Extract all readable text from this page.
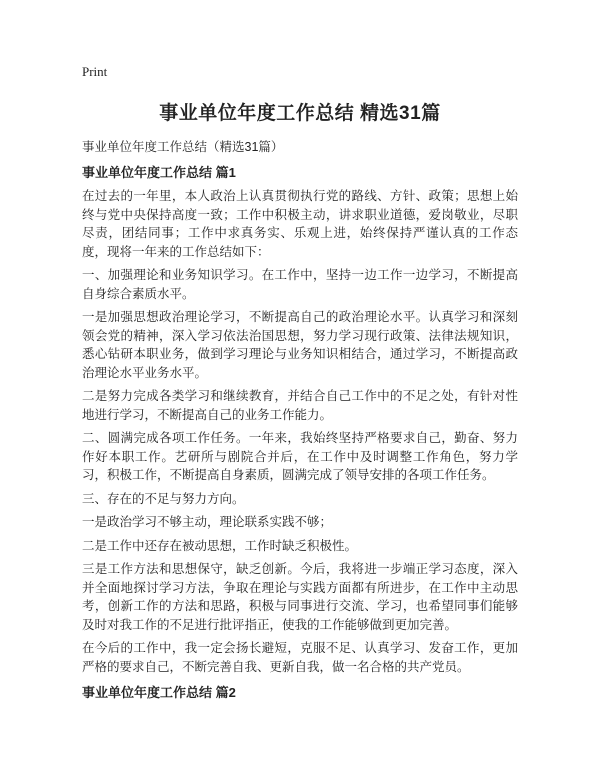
Print
事业单位年度工作总结 精选31篇

事业单位年度工作总结（精选31篇）

事业单位年度工作总结 篇1

在过去的一年里，本人政治上认真贯彻执行党的路线、方针、政策；思想上始终与党中央保持高度一致；工作中积极主动，讲求职业道德，爱岗敬业，尽职尽责，团结同事；工作中求真务实、乐观上进，始终保持严谨认真的工作态度，现将一年来的工作总结如下：

一、加强理论和业务知识学习。在工作中，坚持一边工作一边学习，不断提高自身综合素质水平。

一是加强思想政治理论学习，不断提高自己的政治理论水平。认真学习和深刻领会党的精神，深入学习依法治国思想，努力学习现行政策、法律法规知识，悉心钻研本职业务，做到学习理论与业务知识相结合，通过学习，不断提高政治理论水平业务水平。

二是努力完成各类学习和继续教育，并结合自己工作中的不足之处，有针对性地进行学习，不断提高自己的业务工作能力。

二、圆满完成各项工作任务。一年来，我始终坚持严格要求自己，勤奋、努力作好本职工作。艺研所与剧院合并后，在工作中及时调整工作角色，努力学习，积极工作，不断提高自身素质，圆满完成了领导安排的各项工作任务。

三、存在的不足与努力方向。

一是政治学习不够主动，理论联系实践不够；

二是工作中还存在被动思想，工作时缺乏积极性。

三是工作方法和思想保守，缺乏创新。今后，我将进一步端正学习态度，深入并全面地探讨学习方法，争取在理论与实践方面都有所进步，在工作中主动思考，创新工作的方法和思路，积极与同事进行交流、学习，也希望同事们能够及时对我工作的不足进行批评指正，使我的工作能够做到更加完善。

在今后的工作中，我一定会扬长避短，克服不足、认真学习、发奋工作，更加严格的要求自己，不断完善自我、更新自我，做一名合格的共产党员。

事业单位年度工作总结 篇2
